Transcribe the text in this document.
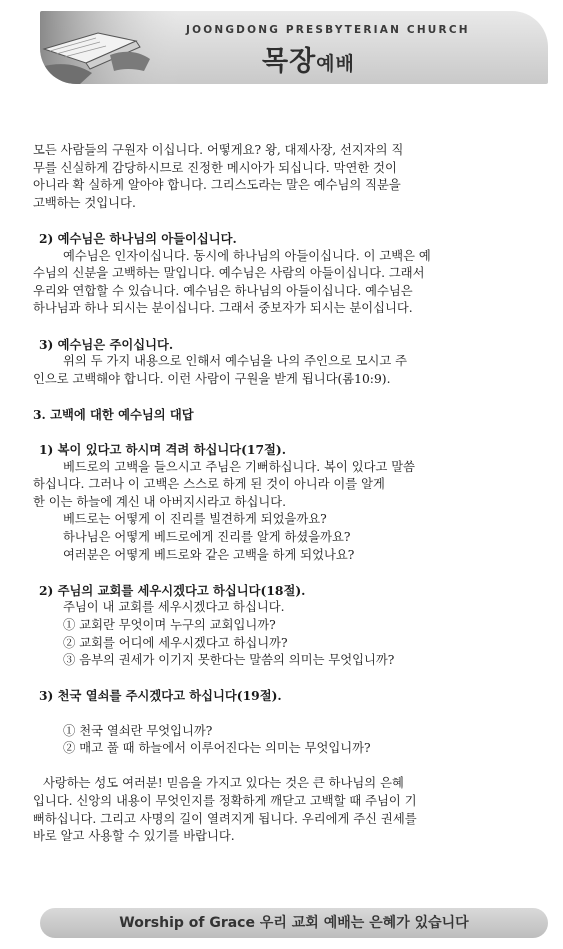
JOONGDONG PRESBYTERIAN CHURCH
목장예배

모든 사람들의 구원자 이십니다. 어떻게요? 왕, 대제사장, 선지자의 직
무를 신실하게 감당하시므로 진정한 메시아가 되십니다. 막연한 것이
아니라 확 실하게 알아야 합니다. 그리스도라는 말은 예수님의 직분을
고백하는 것입니다.

2) 예수님은 하나님의 아들이십니다.

예수님은 인자이십니다. 동시에 하나님의 아들이십니다. 이 고백은 예
수님의 신분을 고백하는 말입니다. 예수님은 사람의 아들이십니다. 그래서
우리와 연합할 수 있습니다. 예수님은 하나님의 아들이십니다. 예수님은
하나님과 하나 되시는 분이십니다. 그래서 중보자가 되시는 분이십니다.

3) 예수님은 주이십니다.

위의 두 가지 내용으로 인해서 예수님을 나의 주인으로 모시고 주
인으로 고백해야 합니다. 이런 사람이 구원을 받게 됩니다(롬10:9).

3. 고백에 대한 예수님의 대답

1) 복이 있다고 하시며 격려 하십니다(17절).

베드로의 고백을 들으시고 주님은 기뻐하십니다. 복이 있다고 말씀
하십니다. 그러나 이 고백은 스스로 하게 된 것이 아니라 이를 알게
한 이는 하늘에 계신 내 아버지시라고 하십니다.

베드로는 어떻게 이 진리를 빌견하게 되었을까요?
하나님은 어떻게 베드로에게 진리를 알게 하셨을까요?
여러분은 어떻게 베드로와 같은 고백을 하게 되었나요?

2) 주님의 교회를 세우시겠다고 하십니다(18절).

주님이 내 교회를 세우시겠다고 하십니다.
① 교회란 무엇이며 누구의 교회입니까?
② 교회를 어디에 세우시겠다고 하십니까?
③ 음부의 권세가 이기지 못한다는 말씀의 의미는 무엇입니까?

3) 천국 열쇠를 주시겠다고 하십니다(19절).

① 천국 열쇠란 무엇입니까?
② 매고 풀 때 하늘에서 이루어진다는 의미는 무엇입니까?

사랑하는 성도 여러분! 믿음을 가지고 있다는 것은 큰 하나님의 은혜
입니다. 신앙의 내용이 무엇인지를 정확하게 깨닫고 고백할 때 주님이 기
뻐하십니다. 그리고 사명의 길이 열려지게 됩니다. 우리에게 주신 권세를
바로 알고 사용할 수 있기를 바랍니다.

Worship of Grace 우리 교회 예배는 은혜가 있습니다
